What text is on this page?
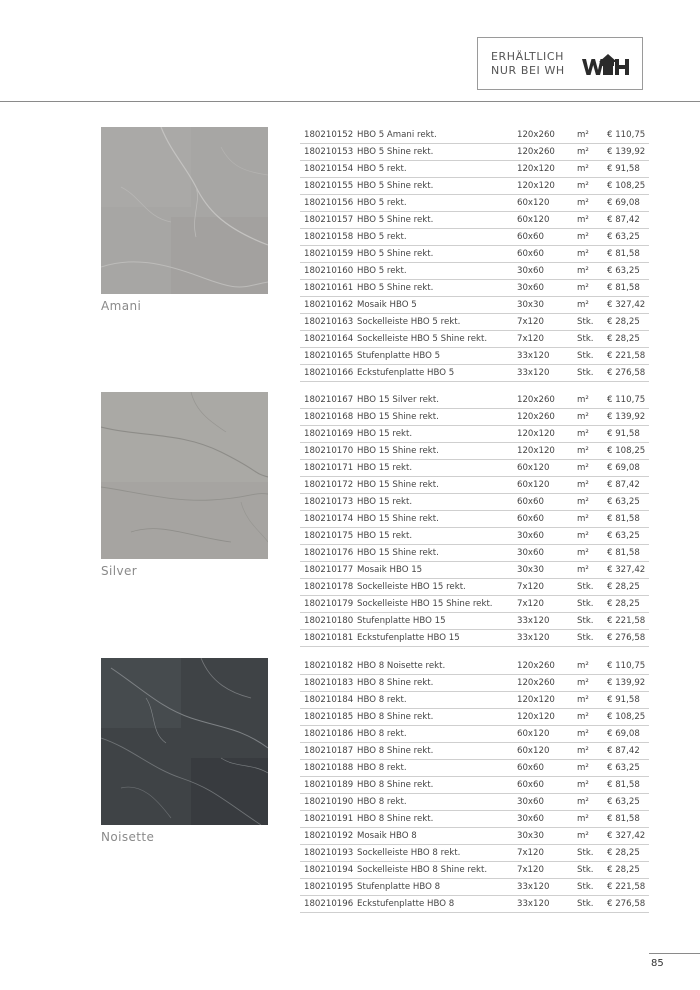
ERHÄLTLICH
NUR BEI WH
Amani
180210152 HBO 5 Amani rekt.	120x260	m² € 110,75
180210153 HBO 5 Shine rekt.	120x260	m² € 139,92
180210154 HBO 5 rekt.	120x120	m² € 91,58
180210155 HBO 5 Shine rekt.	120x120	m² € 108,25
180210156 HBO 5 rekt.	60x120	m² € 69,08
180210157 HBO 5 Shine rekt.	60x120	m² € 87,42
180210158 HBO 5 rekt.	60x60	m² € 63,25
180210159 HBO 5 Shine rekt.	60x60	m² € 81,58
180210160 HBO 5 rekt.	30x60	m² € 63,25
180210161 HBO 5 Shine rekt.	30x60	m² € 81,58
180210162 Mosaik HBO 5	30x30	m² € 327,42
180210163 Sockelleiste HBO 5 rekt.	7x120	Stk. € 28,25
180210164 Sockelleiste HBO 5 Shine rekt.	7x120	Stk. € 28,25
180210165 Stufenplatte HBO 5	33x120	Stk. € 221,58
180210166 Eckstufenplatte HBO 5	33x120	Stk. € 276,58
Silver
180210167 HBO 15 Silver rekt.	120x260	m² € 110,75
180210168 HBO 15 Shine rekt.	120x260	m² € 139,92
180210169 HBO 15 rekt.	120x120	m² € 91,58
180210170 HBO 15 Shine rekt.	120x120	m² € 108,25
180210171 HBO 15 rekt.	60x120	m² € 69,08
180210172 HBO 15 Shine rekt.	60x120	m² € 87,42
180210173 HBO 15 rekt.	60x60	m² € 63,25
180210174 HBO 15 Shine rekt.	60x60	m² € 81,58
180210175 HBO 15 rekt.	30x60	m² € 63,25
180210176 HBO 15 Shine rekt.	30x60	m² € 81,58
180210177 Mosaik HBO 15	30x30	m² € 327,42
180210178 Sockelleiste HBO 15 rekt.	7x120	Stk. € 28,25
180210179 Sockelleiste HBO 15 Shine rekt.	7x120	Stk. € 28,25
180210180 Stufenplatte HBO 15	33x120	Stk. € 221,58
180210181 Eckstufenplatte HBO 15	33x120	Stk. € 276,58
Noisette
180210182 HBO 8 Noisette rekt.	120x260	m² € 110,75
180210183 HBO 8 Shine rekt.	120x260	m² € 139,92
180210184 HBO 8 rekt.	120x120	m² € 91,58
180210185 HBO 8 Shine rekt.	120x120	m² € 108,25
180210186 HBO 8 rekt.	60x120	m² € 69,08
180210187 HBO 8 Shine rekt.	60x120	m² € 87,42
180210188 HBO 8 rekt.	60x60	m² € 63,25
180210189 HBO 8 Shine rekt.	60x60	m² € 81,58
180210190 HBO 8 rekt.	30x60	m² € 63,25
180210191 HBO 8 Shine rekt.	30x60	m² € 81,58
180210192 Mosaik HBO 8	30x30	m² € 327,42
180210193 Sockelleiste HBO 8 rekt.	7x120	Stk. € 28,25
180210194 Sockelleiste HBO 8 Shine rekt.	7x120	Stk. € 28,25
180210195 Stufenplatte HBO 8	33x120	Stk. € 221,58
180210196 Eckstufenplatte HBO 8	33x120	Stk. € 276,58
85
